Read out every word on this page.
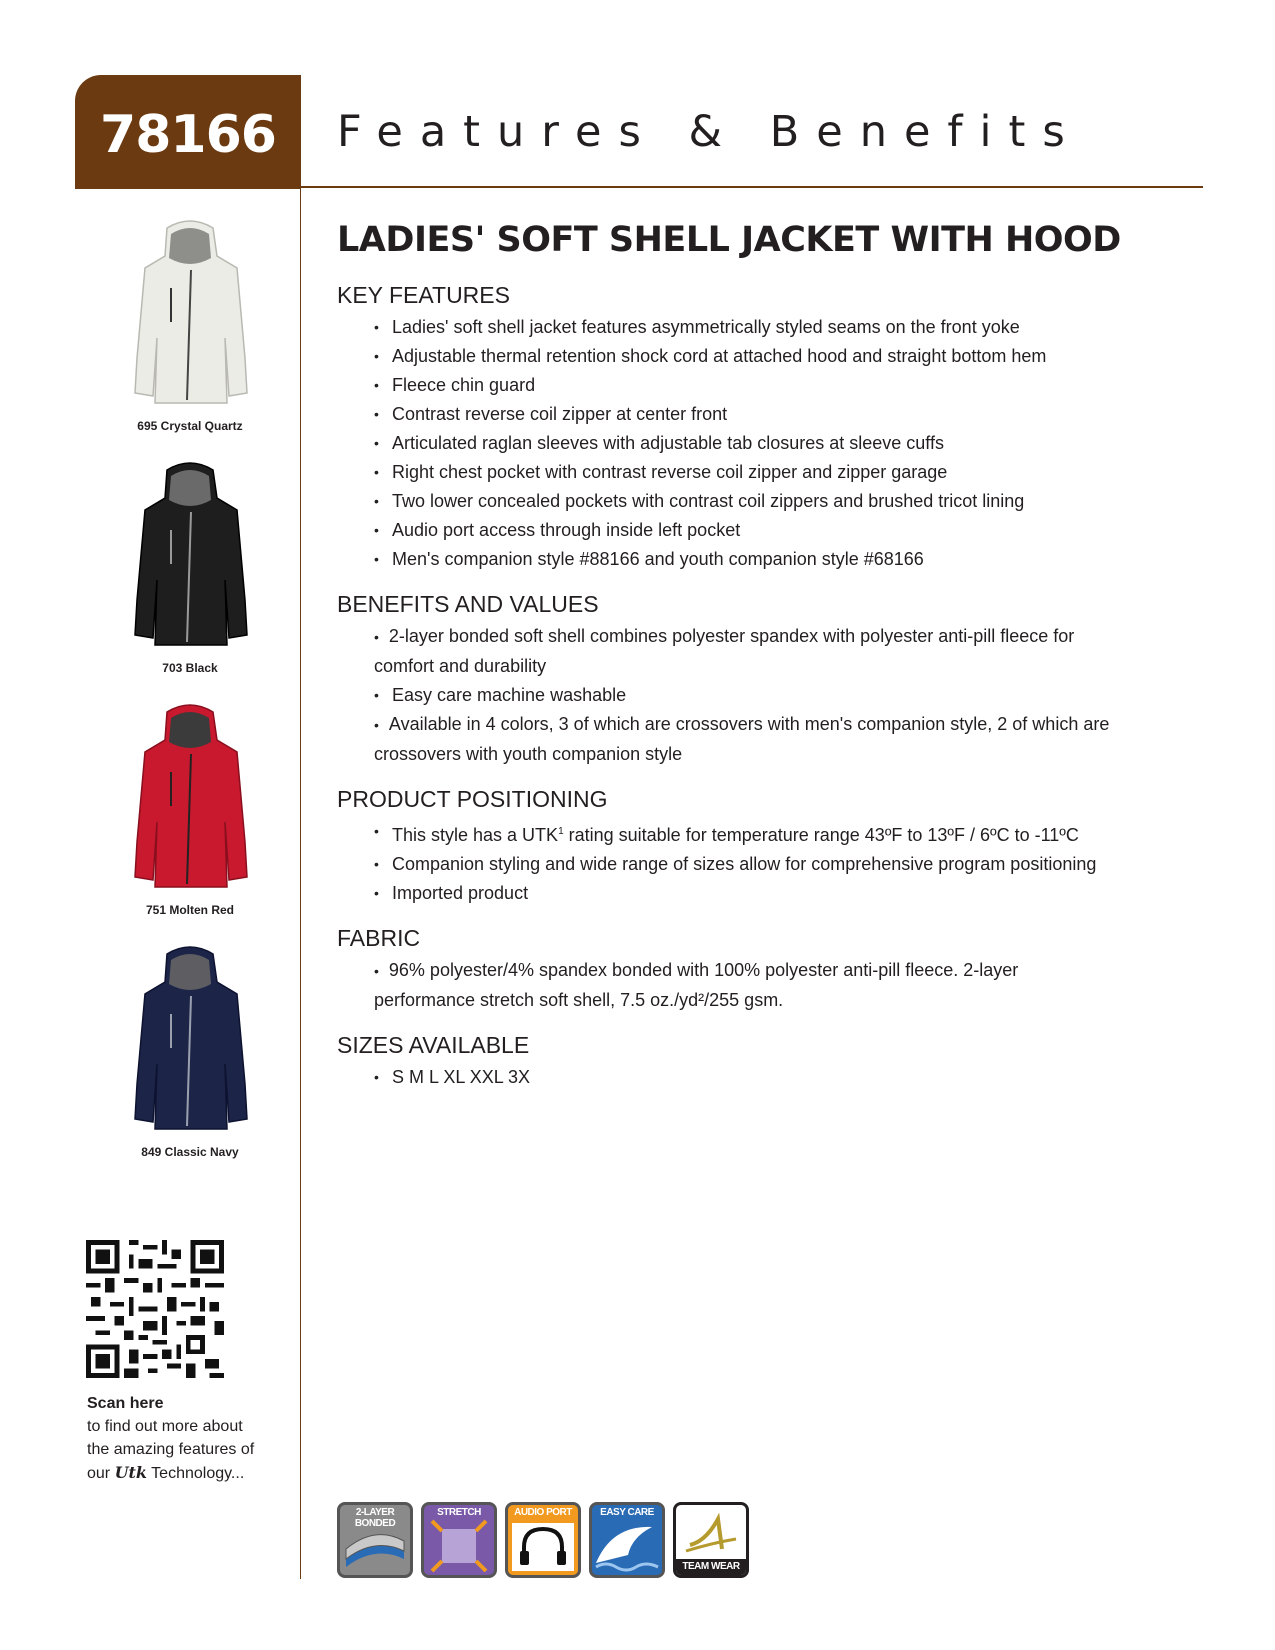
78166	Features & Benefits
695 Crystal Quartz
703 Black
751 Molten Red
849 Classic Navy
Scan here
to find out more about
the amazing features of
our Utk Technology...
LADIES' SOFT SHELL JACKET WITH HOOD
KEY FEATURES
• Ladies' soft shell jacket features asymmetrically styled seams on the front yoke
• Adjustable thermal retention shock cord at attached hood and straight bottom hem
• Fleece chin guard
• Contrast reverse coil zipper at center front
• Articulated raglan sleeves with adjustable tab closures at sleeve cuffs
• Right chest pocket with contrast reverse coil zipper and zipper garage
• Two lower concealed pockets with contrast coil zippers and brushed tricot lining
• Audio port access through inside left pocket
• Men's companion style #88166 and youth companion style #68166
BENEFITS AND VALUES
• 2-layer bonded soft shell combines polyester spandex with polyester anti-pill fleece for
comfort and durability
• Easy care machine washable
• Available in 4 colors, 3 of which are crossovers with men's companion style, 2 of which are
crossovers with youth companion style
PRODUCT POSITIONING
• This style has a UTK$^1$ rating suitable for temperature range 43ºF to 13ºF / 6ºC to -11ºC
• Companion styling and wide range of sizes allow for comprehensive program positioning
• Imported product
FABRIC
• 96% polyester/4% spandex bonded with 100% polyester anti-pill fleece. 2-layer
performance stretch soft shell, 7.5 oz./yd²/255 gsm.
SIZES AVAILABLE
• S M L XL XXL 3X
2-LAYER BONDED
STRETCH	AUDIO PORT	EASY CARE
TEAM WEAR
